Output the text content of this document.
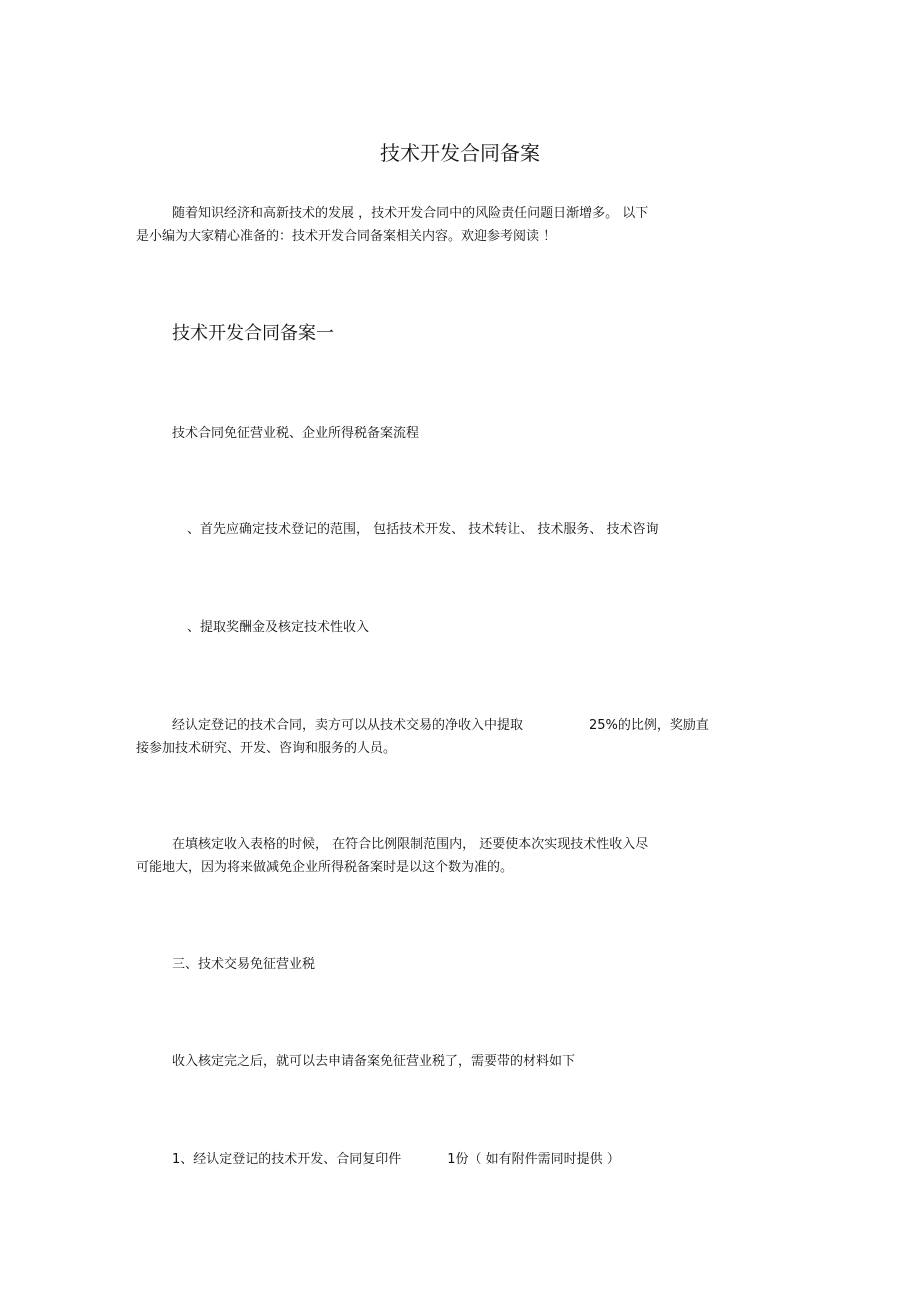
技术开发合同备案
随着知识经济和高新技术的发展 ，技术开发合同中的风险责任问题日渐增多。 以下
是小编为大家精心准备的：技术开发合同备案相关内容。欢迎参考阅读 ！
技术开发合同备案一
技术合同免征营业税、企业所得税备案流程
、首先应确定技术登记的范围， 包括技术开发、 技术转让、 技术服务、 技术咨询
、提取奖酬金及核定技术性收入
经认定登记的技术合同，卖方可以从技术交易的净收入中提取	25%的比例，奖励直
接参加技术研究、开发、咨询和服务的人员。
在填核定收入表格的时候， 在符合比例限制范围内， 还要使本次实现技术性收入尽
可能地大，因为将来做减免企业所得税备案时是以这个数为准的。
三、技术交易免征营业税
收入核定完之后，就可以去申请备案免征营业税了，需要带的材料如下
1、经认定登记的技术开发、合同复印件	1份（ 如有附件需同时提供 ）
